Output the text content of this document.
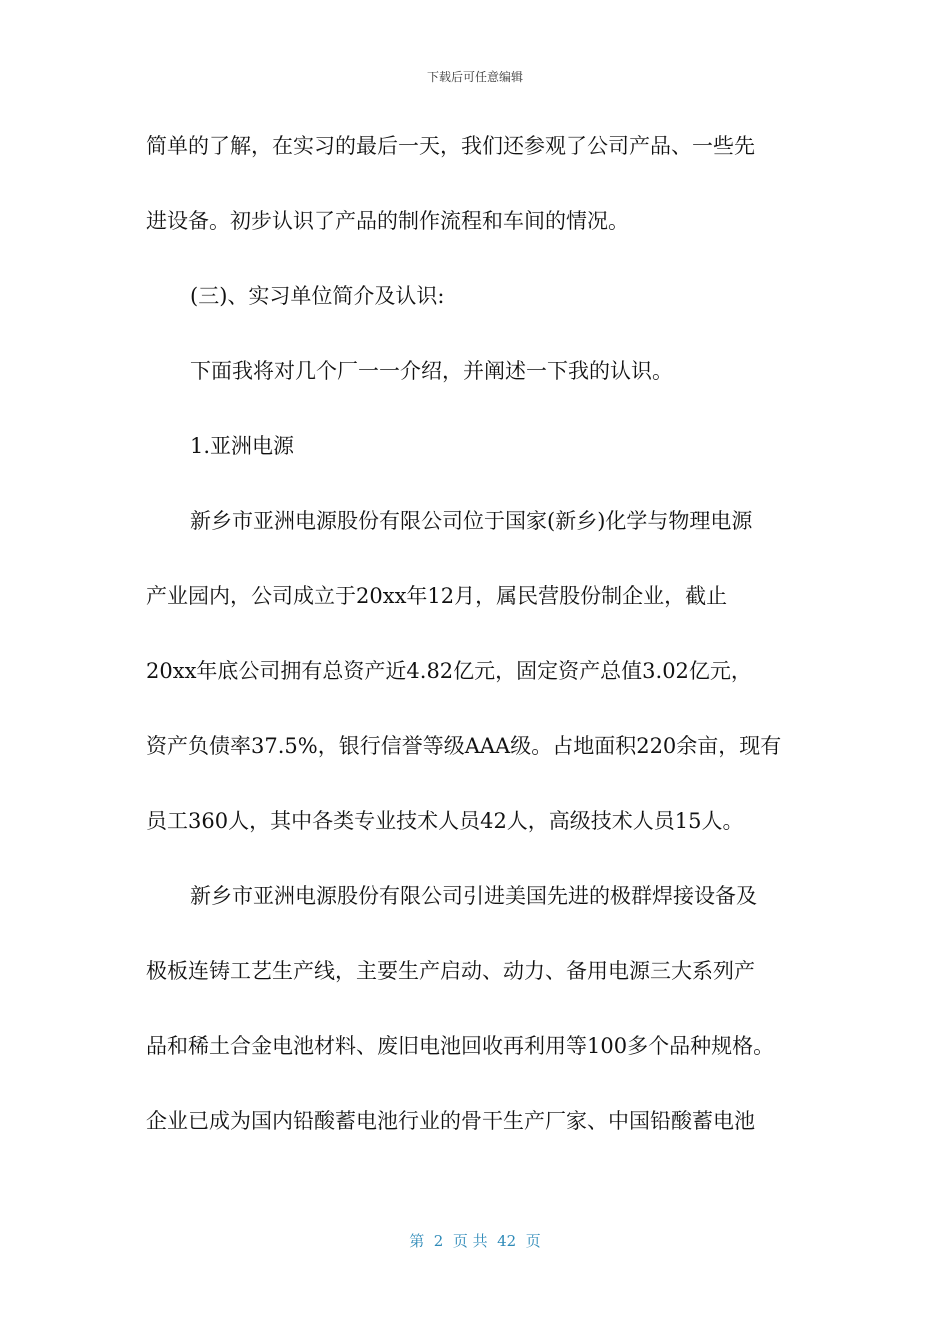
下载后可任意编辑
简单的了解，在实习的最后一天，我们还参观了公司产品、一些先
进设备。初步认识了产品的制作流程和车间的情况。
(三)、实习单位简介及认识:
下面我将对几个厂一一介绍，并阐述一下我的认识。
1.亚洲电源
新乡市亚洲电源股份有限公司位于国家(新乡)化学与物理电源
产业园内，公司成立于20xx年12月，属民营股份制企业，截止
20xx年底公司拥有总资产近4.82亿元，固定资产总值3.02亿元，
资产负债率37.5%，银行信誉等级AAA级。占地面积220余亩，现有
员工360人，其中各类专业技术人员42人，高级技术人员15人。
新乡市亚洲电源股份有限公司引进美国先进的极群焊接设备及
极板连铸工艺生产线，主要生产启动、动力、备用电源三大系列产
品和稀土合金电池材料、废旧电池回收再利用等100多个品种规格。
企业已成为国内铅酸蓄电池行业的骨干生产厂家、中国铅酸蓄电池
第  2  页 共  42  页
